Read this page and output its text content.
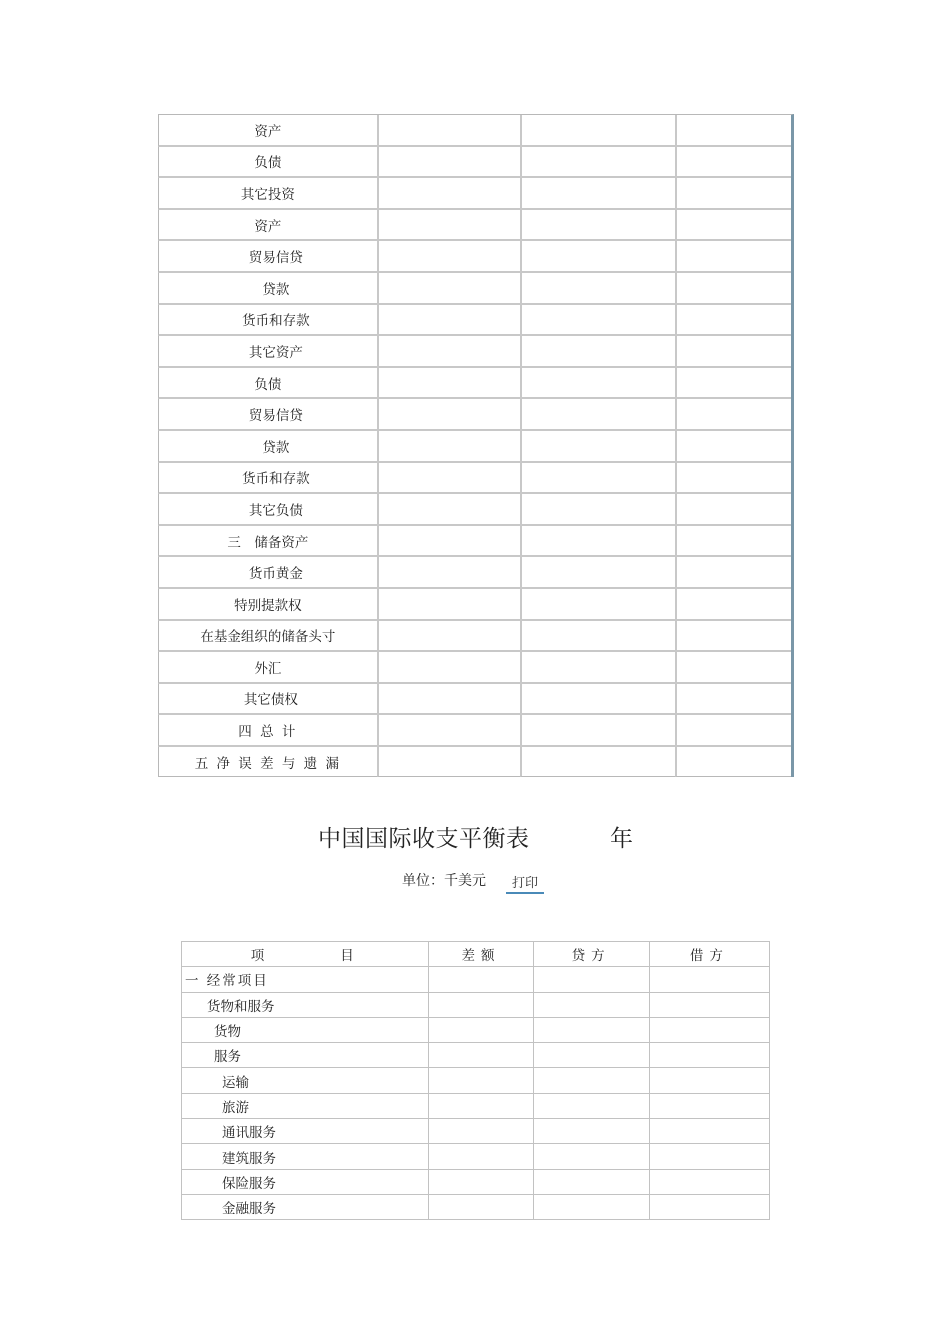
资产			
负债			
其它投资			
资产			
贸易信贷			
贷款			
货币和存款			
其它资产			
负债			
贸易信贷			
贷款			
货币和存款			
其它负债			
三　储备资产			
货币黄金			
特别提款权			
在基金组织的储备头寸			
外汇			
其它债权			
四 总 计			
五 净 误 差 与 遗 漏			
中国国际收支平衡表	年
单位：千美元	打印
项 目	差额	贷方	借方
一 经常项目			
货物和服务			
货物			
服务			
运输			
旅游			
通讯服务			
建筑服务			
保险服务			
金融服务			
